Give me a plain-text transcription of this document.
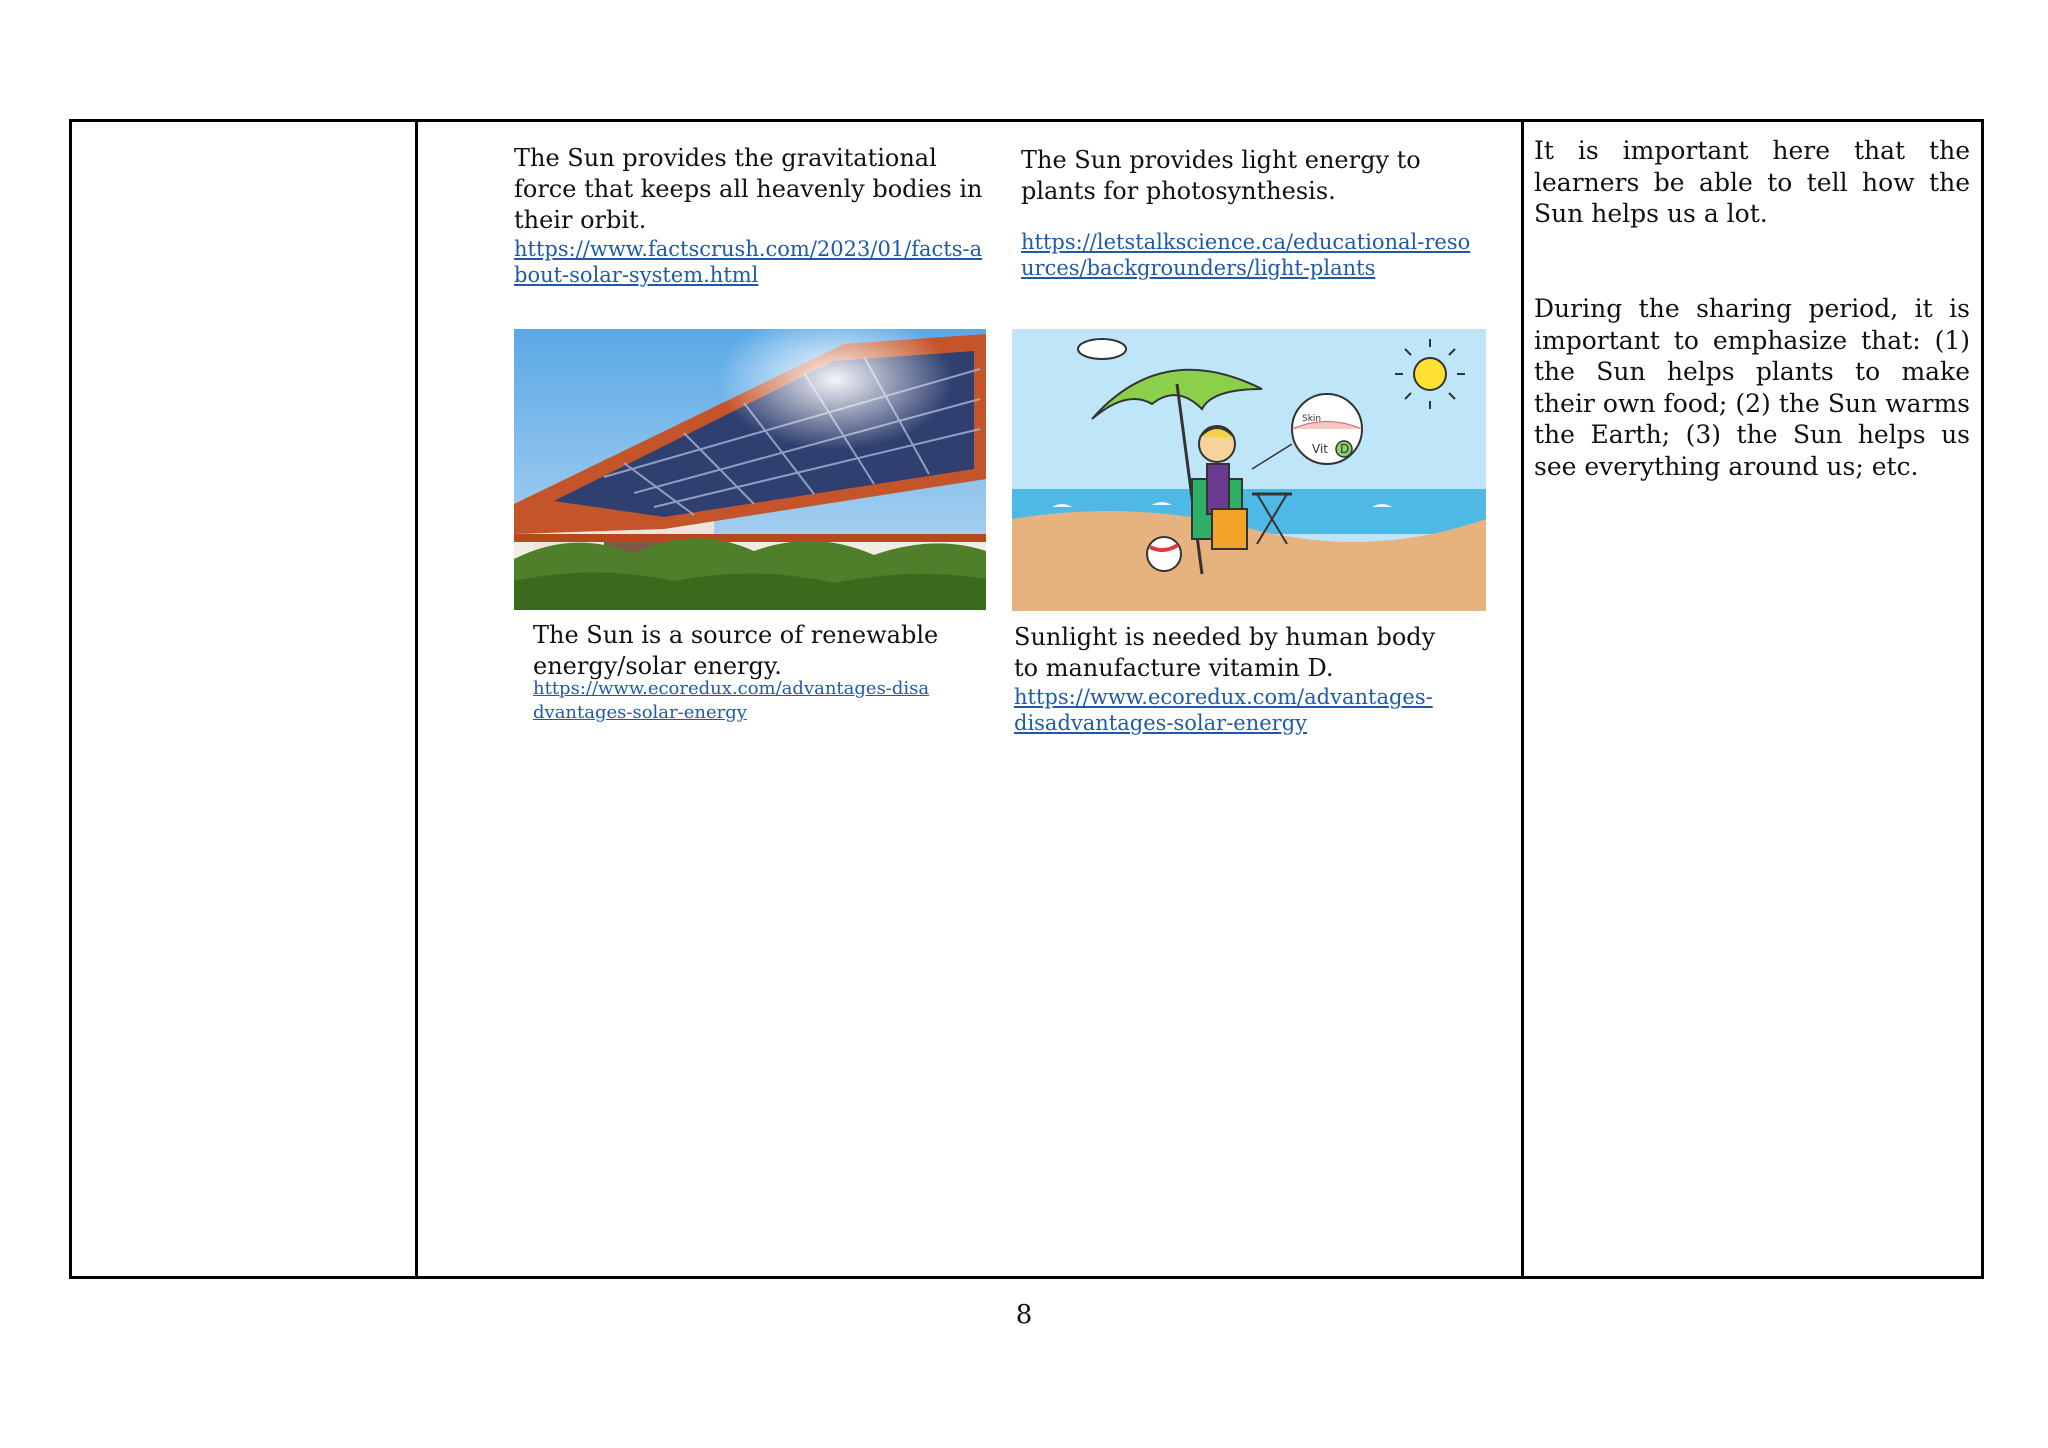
The Sun provides the gravitational force that keeps all heavenly bodies in their orbit.

https://www.factscrush.com/2023/01/facts-about-solar-system.html

The Sun provides light energy to plants for photosynthesis.

https://letstalkscience.ca/educational-resources/backgrounders/light-plants

Skin
Vit D

The Sun is a source of renewable energy/solar energy.

https://www.ecoredux.com/advantages-disadvantages-solar-energy

Sunlight is needed by human body to manufacture vitamin D.

https://www.ecoredux.com/advantages-disadvantages-solar-energy

It is important here that the learners be able to tell how the Sun helps us a lot.

During the sharing period, it is important to emphasize that: (1) the Sun helps plants to make their own food; (2) the Sun warms the Earth; (3) the Sun helps us see everything around us; etc.

8
